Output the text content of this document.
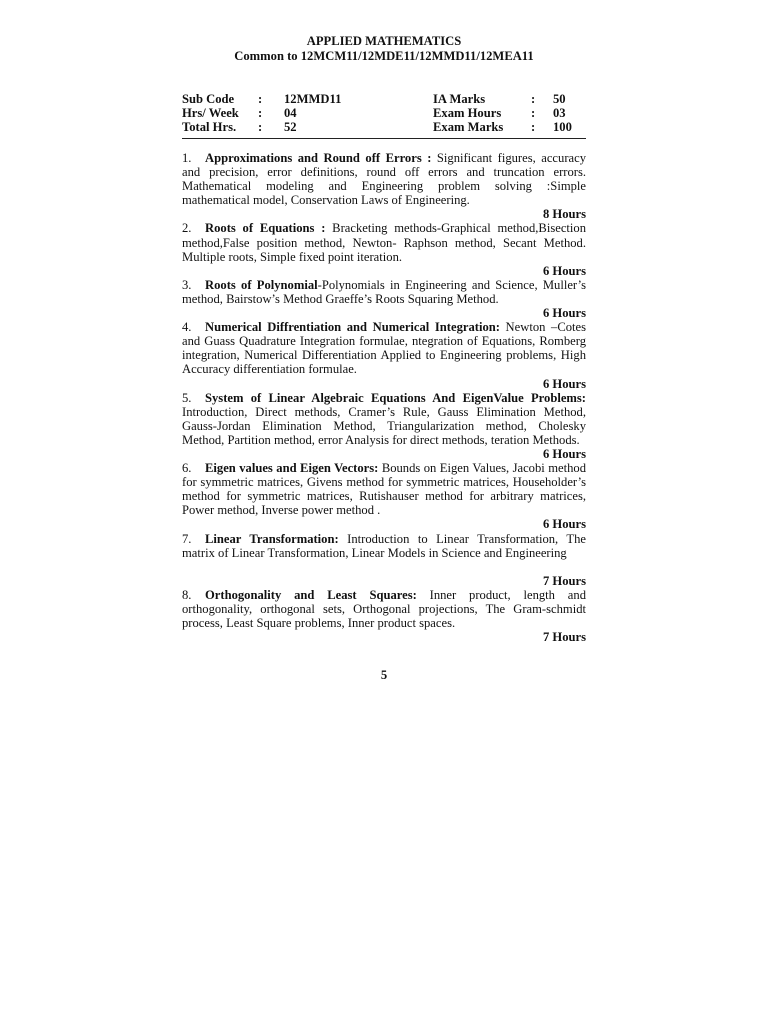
APPLIED MATHEMATICS
Common to 12MCM11/12MDE11/12MMD11/12MEA11
Sub Code	:	12MMD11	IA Marks	:	50
Hrs/ Week	:	04	Exam Hours	:	03
Total Hrs.	:	52	Exam Marks	:	100
1. Approximations and Round off Errors : Significant figures, accuracy and precision, error definitions, round off errors and truncation errors. Mathematical modeling and Engineering problem solving :Simple mathematical model, Conservation Laws of Engineering.
8 Hours
2. Roots of Equations : Bracketing methods-Graphical method,Bisection method,False position method, Newton- Raphson method, Secant Method. Multiple roots, Simple fixed point iteration.
6 Hours
3. Roots of Polynomial-Polynomials in Engineering and Science, Muller’s method, Bairstow’s Method Graeffe’s Roots Squaring Method.
6 Hours
4. Numerical Diffrentiation and Numerical Integration: Newton –Cotes and Guass Quadrature Integration formulae, ntegration of Equations, Romberg integration, Numerical Differentiation Applied to Engineering problems, High Accuracy differentiation formulae.
6 Hours
5. System of Linear Algebraic Equations And EigenValue Problems: Introduction, Direct methods, Cramer’s Rule, Gauss Elimination Method, Gauss-Jordan Elimination Method, Triangularization method, Cholesky Method, Partition method, error Analysis for direct methods, teration Methods.
6 Hours
6. Eigen values and Eigen Vectors: Bounds on Eigen Values, Jacobi method for symmetric matrices, Givens method for symmetric matrices, Householder’s method for symmetric matrices, Rutishauser method for arbitrary matrices, Power method, Inverse power method .
6 Hours
7. Linear Transformation: Introduction to Linear Transformation, The matrix of Linear Transformation, Linear Models in Science and Engineering
7 Hours
8. Orthogonality and Least Squares: Inner product, length and orthogonality, orthogonal sets, Orthogonal projections, The Gram-schmidt process, Least Square problems, Inner product spaces.
7 Hours
5
